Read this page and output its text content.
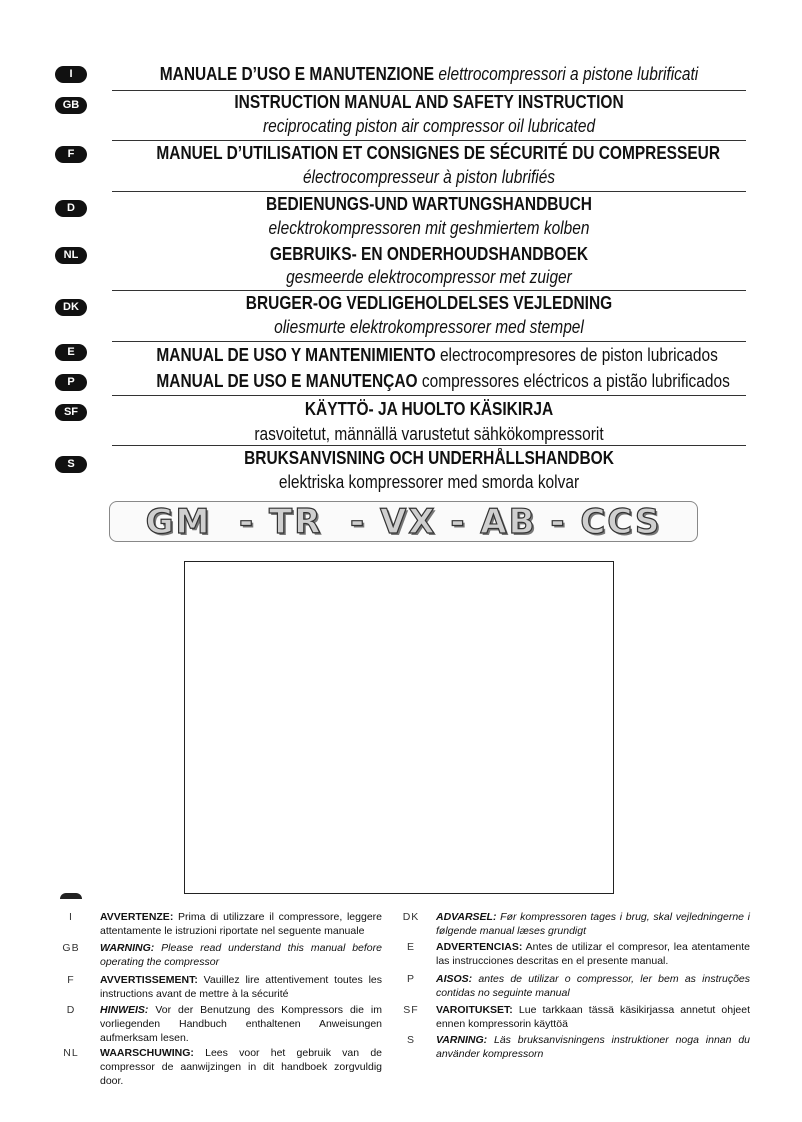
I	MANUALE D’USO E MANUTENZIONE elettrocompressori a pistone lubrificati
GB	INSTRUCTION MANUAL AND SAFETY INSTRUCTION
reciprocating piston air compressor oil lubricated
F	MANUEL D’UTILISATION ET CONSIGNES DE SÉCURITÉ DU COMPRESSEUR
électrocompresseur à piston lubrifiés
D	BEDIENUNGS-UND WARTUNGSHANDBUCH
elecktrokompressoren mit geshmiertem kolben
NL	GEBRUIKS- EN ONDERHOUDSHANDBOEK
gesmeerde elektrocompressor met zuiger
DK	BRUGER-OG VEDLIGEHOLDELSES VEJLEDNING
oliesmurte elektrokompressorer med stempel
E	MANUAL DE USO Y MANTENIMIENTO electrocompresores de piston lubricados
P	MANUAL DE USO E MANUTENÇAO compressores eléctricos a pistão lubrificados
SF	KÄYTTÖ- JA HUOLTO KÄSIKIRJA
rasvoitetut, männällä varustetut sähkökompressorit
S	BRUKSANVISNING OCH UNDERHÅLLSHANDBOK
elektriska kompressorer med smorda kolvar
GM  - TR  - VX - AB - CCS
I	AVVERTENZE: Prima di utilizzare il compressore, leggere attentamente le istruzioni riportate nel seguente manuale
GB	WARNING: Please read understand this manual before operating the compressor
F	AVVERTISSEMENT: Vauillez lire attentivement toutes les instructions avant de mettre à la sécurité
D	HINWEIS: Vor der Benutzung des Kompressors die im vorliegenden Handbuch enthaltenen Anweisungen aufmerksam lesen.
NL	WAARSCHUWING: Lees voor het gebruik van de compressor de aanwijzingen in dit handboek zorgvuldig door.
DK	ADVARSEL: Før kompressoren tages i brug, skal vejledningerne i følgende manual læses grundigt
E	ADVERTENCIAS: Antes de utilizar el compresor, lea atentamente las instrucciones descritas en el presente manual.
P	AISOS: antes de utilizar o compressor, ler bem as instruções contidas no seguinte manual
SF	VAROITUKSET: Lue tarkkaan tässä käsikirjassa annetut ohjeet ennen kompressorin käyttöä
S	VARNING: Läs bruksanvisningens instruktioner noga innan du använder kompressorn
